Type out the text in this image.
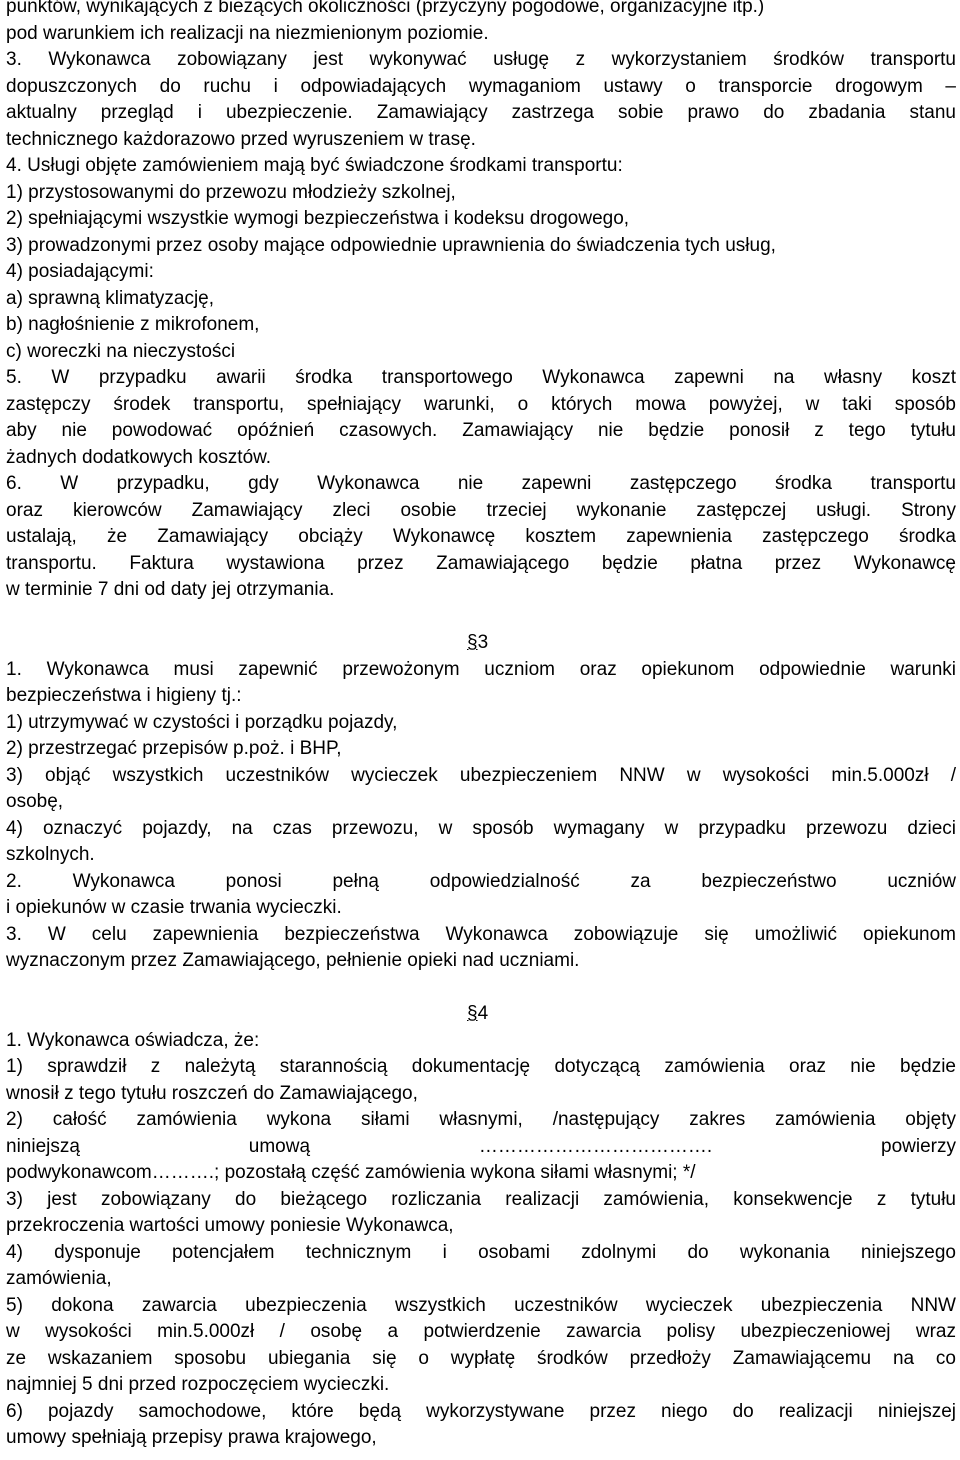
punktów, wynikających z bieżących okoliczności (przyczyny pogodowe, organizacyjne itp.)
pod warunkiem ich realizacji na niezmienionym poziomie.
3. Wykonawca zobowiązany jest wykonywać usługę z wykorzystaniem środków transportu
dopuszczonych do ruchu i odpowiadających wymaganiom ustawy o transporcie drogowym –
aktualny przegląd i ubezpieczenie. Zamawiający zastrzega sobie prawo do zbadania stanu
technicznego każdorazowo przed wyruszeniem w trasę.
4. Usługi objęte zamówieniem mają być świadczone środkami transportu:
1) przystosowanymi do przewozu młodzieży szkolnej,
2) spełniającymi wszystkie wymogi bezpieczeństwa i kodeksu drogowego,
3) prowadzonymi przez osoby mające odpowiednie uprawnienia do świadczenia tych usług,
4) posiadającymi:
a) sprawną klimatyzację,
b) nagłośnienie z mikrofonem,
c) woreczki na nieczystości
5. W przypadku awarii środka transportowego Wykonawca zapewni na własny koszt
zastępczy środek transportu, spełniający warunki, o których mowa powyżej, w taki sposób
aby nie powodować opóźnień czasowych. Zamawiający nie będzie ponosił z tego tytułu
żadnych dodatkowych kosztów.
6. W przypadku, gdy Wykonawca nie zapewni zastępczego środka transportu
oraz kierowców Zamawiający zleci osobie trzeciej wykonanie zastępczej usługi. Strony
ustalają, że Zamawiający obciąży Wykonawcę kosztem zapewnienia zastępczego środka
transportu. Faktura wystawiona przez Zamawiającego będzie płatna przez Wykonawcę
w terminie 7 dni od daty jej otrzymania.
§3
1. Wykonawca musi zapewnić przewożonym uczniom oraz opiekunom odpowiednie warunki
bezpieczeństwa i higieny tj.:
1) utrzymywać w czystości i porządku pojazdy,
2) przestrzegać przepisów p.poż. i BHP,
3) objąć wszystkich uczestników wycieczek ubezpieczeniem NNW w wysokości min.5.000zł /
osobę,
4) oznaczyć pojazdy, na czas przewozu, w sposób wymagany w przypadku przewozu dzieci
szkolnych.
2. Wykonawca ponosi pełną odpowiedzialność za bezpieczeństwo uczniów
i opiekunów w czasie trwania wycieczki.
3. W celu zapewnienia bezpieczeństwa Wykonawca zobowiązuje się umożliwić opiekunom
wyznaczonym przez Zamawiającego, pełnienie opieki nad uczniami.
§4
1. Wykonawca oświadcza, że:
1) sprawdził z należytą starannością dokumentację dotyczącą zamówienia oraz nie będzie
wnosił z tego tytułu roszczeń do Zamawiającego,
2) całość zamówienia wykona siłami własnymi, /następujący zakres zamówienia objęty
niniejszą umową ………………………………. powierzy
podwykonawcom……….; pozostałą część zamówienia wykona siłami własnymi; */
3) jest zobowiązany do bieżącego rozliczania realizacji zamówienia, konsekwencje z tytułu
przekroczenia wartości umowy poniesie Wykonawca,
4) dysponuje potencjałem technicznym i osobami zdolnymi do wykonania niniejszego
zamówienia,
5) dokona zawarcia ubezpieczenia wszystkich uczestników wycieczek ubezpieczenia NNW
w wysokości min.5.000zł / osobę a potwierdzenie zawarcia polisy ubezpieczeniowej wraz
ze wskazaniem sposobu ubiegania się o wypłatę środków przedłoży Zamawiającemu na co
najmniej 5 dni przed rozpoczęciem wycieczki.
6) pojazdy samochodowe, które będą wykorzystywane przez niego do realizacji niniejszej
umowy spełniają przepisy prawa krajowego,
